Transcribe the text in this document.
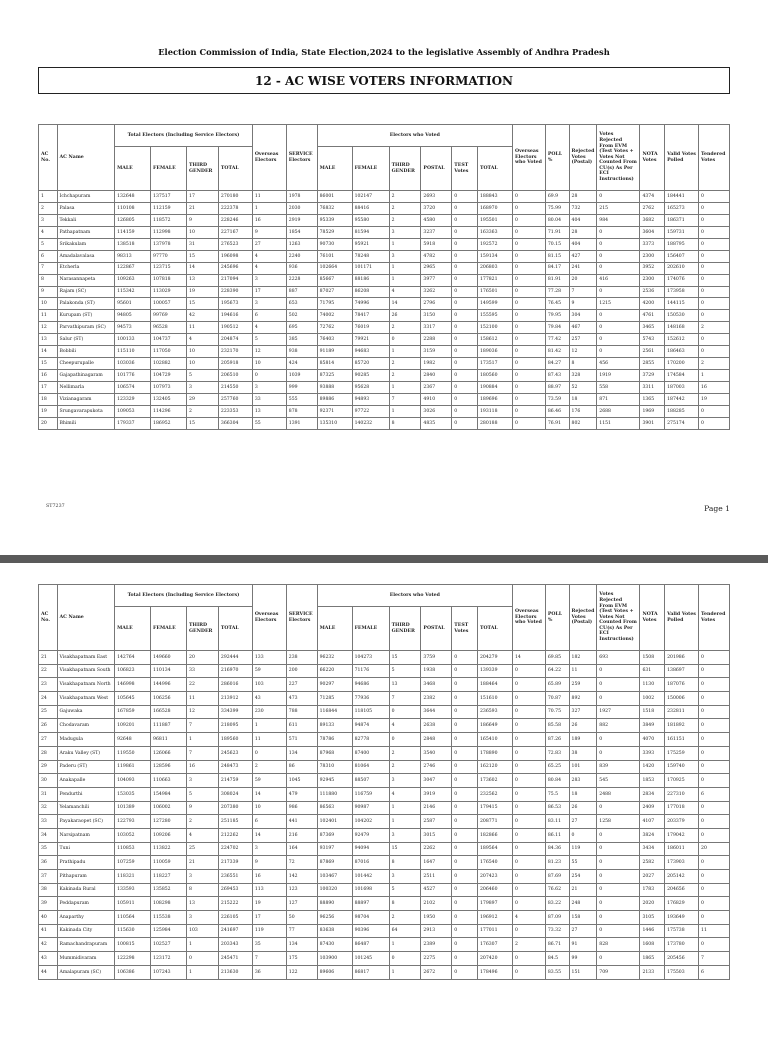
Election Commission of India, State Election,2024 to the legislative Assembly of Andhra Pradesh
12 - AC WISE VOTERS INFORMATION
AC No.	AC Name	Total Electors (Including Service Electors)				Overseas Electors	SERVICE Electors	Electors who Voted						Overseas Electors who Voted	POLL %	Rejected Votes (Postal)	Votes Rejected From EVM (Test Votes + Votes Not Counted From CU(s) As Per ECI Instructions)	NOTA Votes	Valid Votes Polled	Tendered Votes
		MALE	FEMALE	THIRD GENDER	TOTAL			MALE	FEMALE	THIRD GENDER	POSTAL	TEST Votes	TOTAL							
1	Ichchapuram	132648	137517	17	270180	11	1978	86001	102147	2	2693	0	188843	0	69.9	28	0	4374	184441	0
2	Palasa	110108	112159	21	222378	1	2030	76832	88416	2	3720	0	168970	0	75.99	732	215	2762	165273	0
3	Tekkali	126805	118572	9	228246	16	2919	95339	95580	2	4580	0	195501	0	80.04	404	984	3682	186371	0
4	Pathapatnam	114159	112998	10	227167	9	1854	78529	81594	3	3237	0	163363	0	71.91	28	0	3604	159731	0
5	Srikakulam	138518	137978	31	276523	27	1263	90730	95921	1	5918	0	192572	0	70.15	404	0	3373	188795	0
6	Amadalavalasa	98313	97770	15	196098	4	2240	76101	78248	3	4782	0	159134	0	81.15	427	0	2300	156407	0
7	Etcherla	122867	123715	14	245696	4	936	102664	101171	1	2965	0	206803	0	84.17	241	0	3952	202610	0
8	Narasannapeta	109263	107818	13	217094	3	2228	85667	88186	1	3977	0	177821	0	81.91	20	416	2300	174076	0
9	Rajam (SC)	115342	113029	19	228390	17	887	87027	86208	4	3262	0	176501	0	77.28	7	0	2536	173958	0
10	Palakonda (ST)	95601	100057	15	195673	3	653	71795	74996	14	2796	0	149599	0	76.45	9	1215	4200	144115	0
11	Kurupam (ST)	94805	99769	42	194616	6	502	74002	78417	26	3150	0	155595	0	79.95	304	0	4761	150530	0
12	Parvathipuram (SC)	94573	96528	11	190512	4	695	72762	76019	2	3317	0	152100	0	79.84	467	0	3465	148168	2
13	Salur (ST)	100133	104737	4	204874	5	385	76403	79921	0	2288	0	158612	0	77.42	257	0	5743	152612	0
14	Bobbili	115110	117050	10	232170	12	938	91189	94683	1	3159	0	189036	0	81.42	12	0	2561	186463	0
15	Cheepurupalle	103036	102882	10	205918	10	424	85814	85720	2	1982	0	173517	0	84.27	8	456	2855	170200	2
16	Gajapathinagaram	101776	104729	5	206510	0	1039	87325	90285	2	2840	0	180560	0	87.43	328	1919	3729	174584	1
17	Nellimarla	106574	107973	3	214550	3	999	93888	95628	1	2367	0	190884	0	88.97	52	558	3311	187003	16
18	Vizianagaram	123329	132405	29	257760	33	555	89886	94893	7	4910	0	189696	0	73.59	18	871	1365	187442	19
19	Srungavarapukota	109053	114296	2	223353	13	878	92371	97722	1	3026	0	193118	0	86.46	176	2688	1969	188285	0
20	Bhimili	179337	186952	15	366304	55	1391	135310	140232	8	4835	0	280188	0	76.91	802	1151	3901	275174	0
ST7237	Page 1
AC No.	AC Name	Total Electors (Including Service Electors)				Overseas Electors	SERVICE Electors	Electors who Voted						Overseas Electors who Voted	POLL %	Rejected Votes (Postal)	Votes Rejected From EVM (Test Votes + Votes Not Counted From CU(s) As Per ECI Instructions)	NOTA Votes	Valid Votes Polled	Tendered Votes
		MALE	FEMALE	THIRD GENDER	TOTAL			MALE	FEMALE	THIRD GENDER	POSTAL	TEST Votes	TOTAL							
21	Visakhapatnam East	142764	149660	20	292444	133	238	96232	104273	15	3759	0	204279	14	69.85	182	693	1508	201986	0
22	Visakhapatnam South	106823	110134	33	216970	59	200	66220	71176	5	1938	0	139339	0	64.22	11	0	631	138697	0
23	Visakhapatnam North	146998	144996	22	286016	103	227	90297	94686	13	3468	0	188464	0	65.89	259	0	1130	187076	0
24	Visakhapatnam West	105645	106256	11	213912	43	473	71285	77936	7	2382	0	151610	0	70.87	892	0	1002	150006	0
25	Gajuwaka	167859	166528	12	334399	230	788	116844	118105	0	3644	0	236593	0	70.75	327	1927	1518	232811	0
26	Chodavaram	109201	111887	7	218095	1	611	89133	94874	4	2638	0	186649	0	85.58	26	882	3849	181892	0
27	Madugula	92648	96811	1	189560	11	571	78786	82778	0	2848	0	165410	0	87.26	189	0	4070	161151	0
28	Araku Valley (ST)	119550	126066	7	245623	0	134	87968	87400	2	3540	0	178890	0	72.83	38	0	3393	175259	0
29	Paderu (ST)	119861	128596	16	248473	2	86	78310	81064	2	2746	0	162120	0	65.25	101	839	1420	159740	0
30	Anakapalle	104093	110663	3	214759	59	1045	92945	88507	3	3047	0	173602	0	80.84	283	545	1853	170925	0
31	Pendurthi	153035	154984	5	308024	14	479	111880	116759	4	3919	0	232562	0	75.5	18	2488	2834	227310	6
32	Yelamanchili	101389	106002	9	207380	10	986	86563	90987	1	2146	0	179415	0	86.53	26	0	2409	177018	0
33	Payakaraopet (SC)	122793	127280	2	251185	6	441	102401	104202	1	2587	0	208771	0	83.11	27	1258	4107	203379	0
34	Narsipatnam	103052	109206	4	212262	14	216	87369	92479	3	3015	0	182866	0	86.11	0	0	3824	179042	0
35	Tuni	110853	113822	25	224702	3	164	93197	94094	15	2262	0	189564	0	84.36	119	0	3434	186011	20
36	Prathipadu	107259	110059	21	217339	9	72	87869	87016	8	1647	0	176540	0	81.23	55	0	2582	173903	0
37	Pithapuram	118321	118227	3	236551	16	142	103467	101442	3	2511	0	207423	0	87.69	254	0	2027	205142	0
38	Kakinada Rural	133593	135852	8	269453	113	123	100320	101698	5	4527	0	206460	0	76.62	21	0	1783	204656	0
39	Peddapuram	105911	108298	13	215222	19	127	88890	88897	8	2102	0	179897	0	83.22	248	0	2020	176829	0
40	Anaparthy	110564	115538	3	226105	17	50	96256	98704	2	1950	0	196912	4	87.09	158	0	3105	193649	0
41	Kakinada City	115630	125984	103	241697	119	77	83638	90396	64	2913	0	177011	0	73.32	27	0	1446	175738	11
42	Ramachandrapuram	100815	102527	1	203343	35	134	87430	86487	1	2389	0	176307	2	86.71	91	828	1608	173780	0
43	Mummidivaram	122298	123172	0	245471	7	175	103900	101245	0	2275	0	207420	0	84.5	99	0	1865	205456	7
44	Amalapuram (SC)	106386	107243	1	213630	36	122	89606	86817	1	2672	0	178496	0	83.55	151	709	2133	175503	6
